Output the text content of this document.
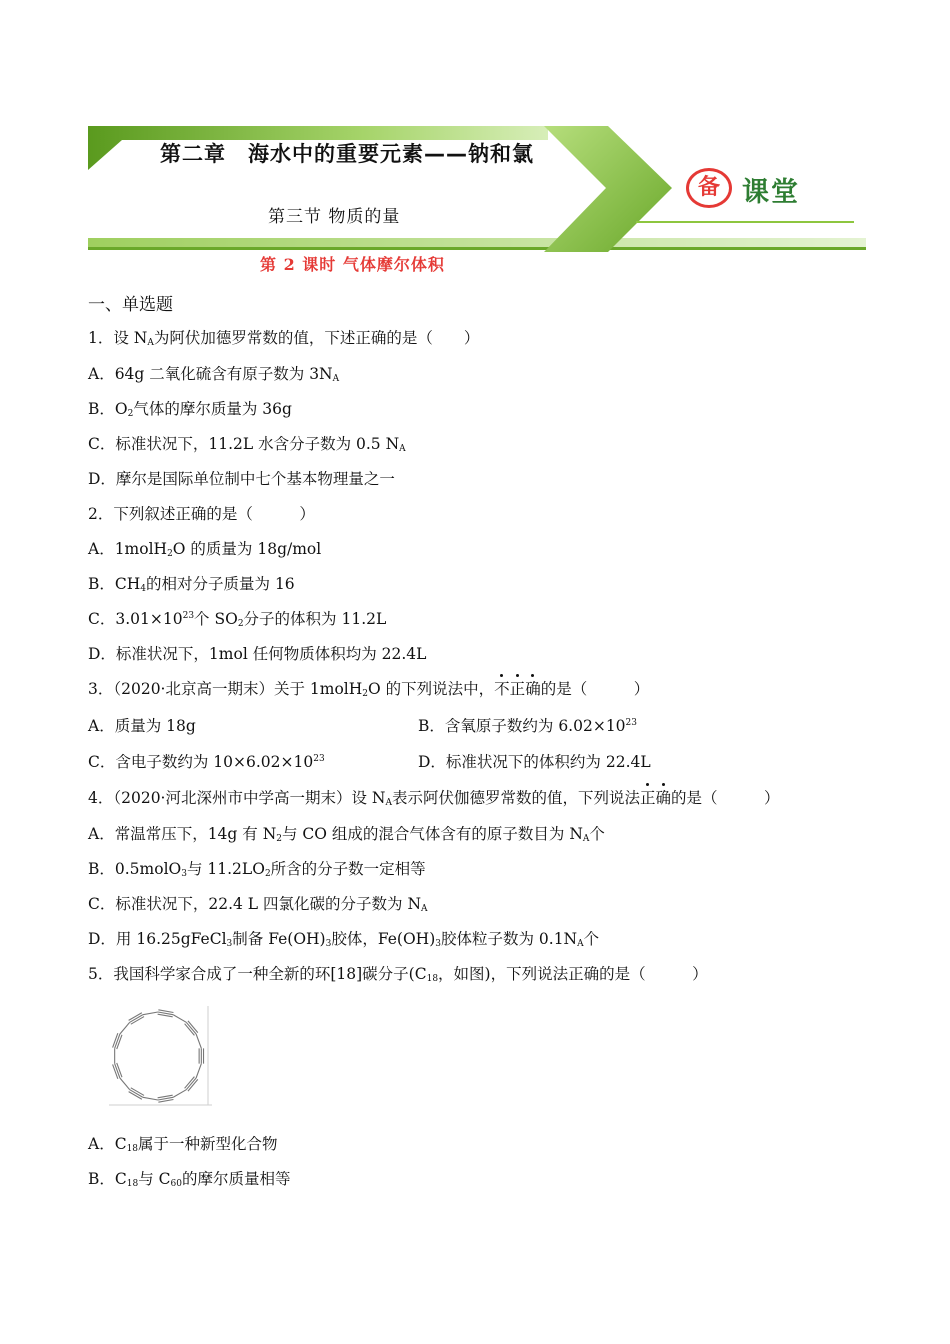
第二章　海水中的重要元素——钠和氯
第三节 物质的量
备 课堂
第 2 课时 气体摩尔体积
一、单选题
1．设 $N_A$为阿伏加德罗常数的值，下述正确的是（　　）
A．64g 二氧化硫含有原子数为 $3N_A$
B．$O_2$气体的摩尔质量为 36g
C．标准状况下，11.2L 水含分子数为 0.5 $N_A$
D．摩尔是国际单位制中七个基本物理量之一
2．下列叙述正确的是（　　　）
A．1molH$_2$O 的质量为 18g/mol
B．$CH_4$的相对分子质量为 16
C．$3.01\times 10^{23}$个 $SO_2$分子的体积为 11.2L
D．标准状况下，1mol 任何物质体积均为 22.4L
3．（2020·北京高一期末）关于 1molH$_2$O 的下列说法中，不正确的是（　　　）
A．质量为 18g	B．含氧原子数约为 $6.02\times 10^{23}$
C．含电子数约为 $10\times 6.02\times 10^{23}$	D．标准状况下的体积约为 22.4L
4．（2020·河北深州市中学高一期末）设 $N_A$表示阿伏伽德罗常数的值，下列说法正确的是（　　　）
A．常温常压下，14g 有 $N_2$与 CO 组成的混合气体含有的原子数目为 $N_A$个
B．0.5molO$_3$与 $11.2LO_2$所含的分子数一定相等
C．标准状况下，22.4 L 四氯化碳的分子数为 $N_A$
D．用 16.25gFeCl$_3$制备 $Fe(OH)_3$胶体，$Fe(OH)_3$胶体粒子数为 $0.1N_A$个
5．我国科学家合成了一种全新的环[18]碳分子($C_{18}$，如图)，下列说法正确的是（　　　）
A．$C_{18}$属于一种新型化合物
B．$C_{18}$与 $C_{60}$的摩尔质量相等
